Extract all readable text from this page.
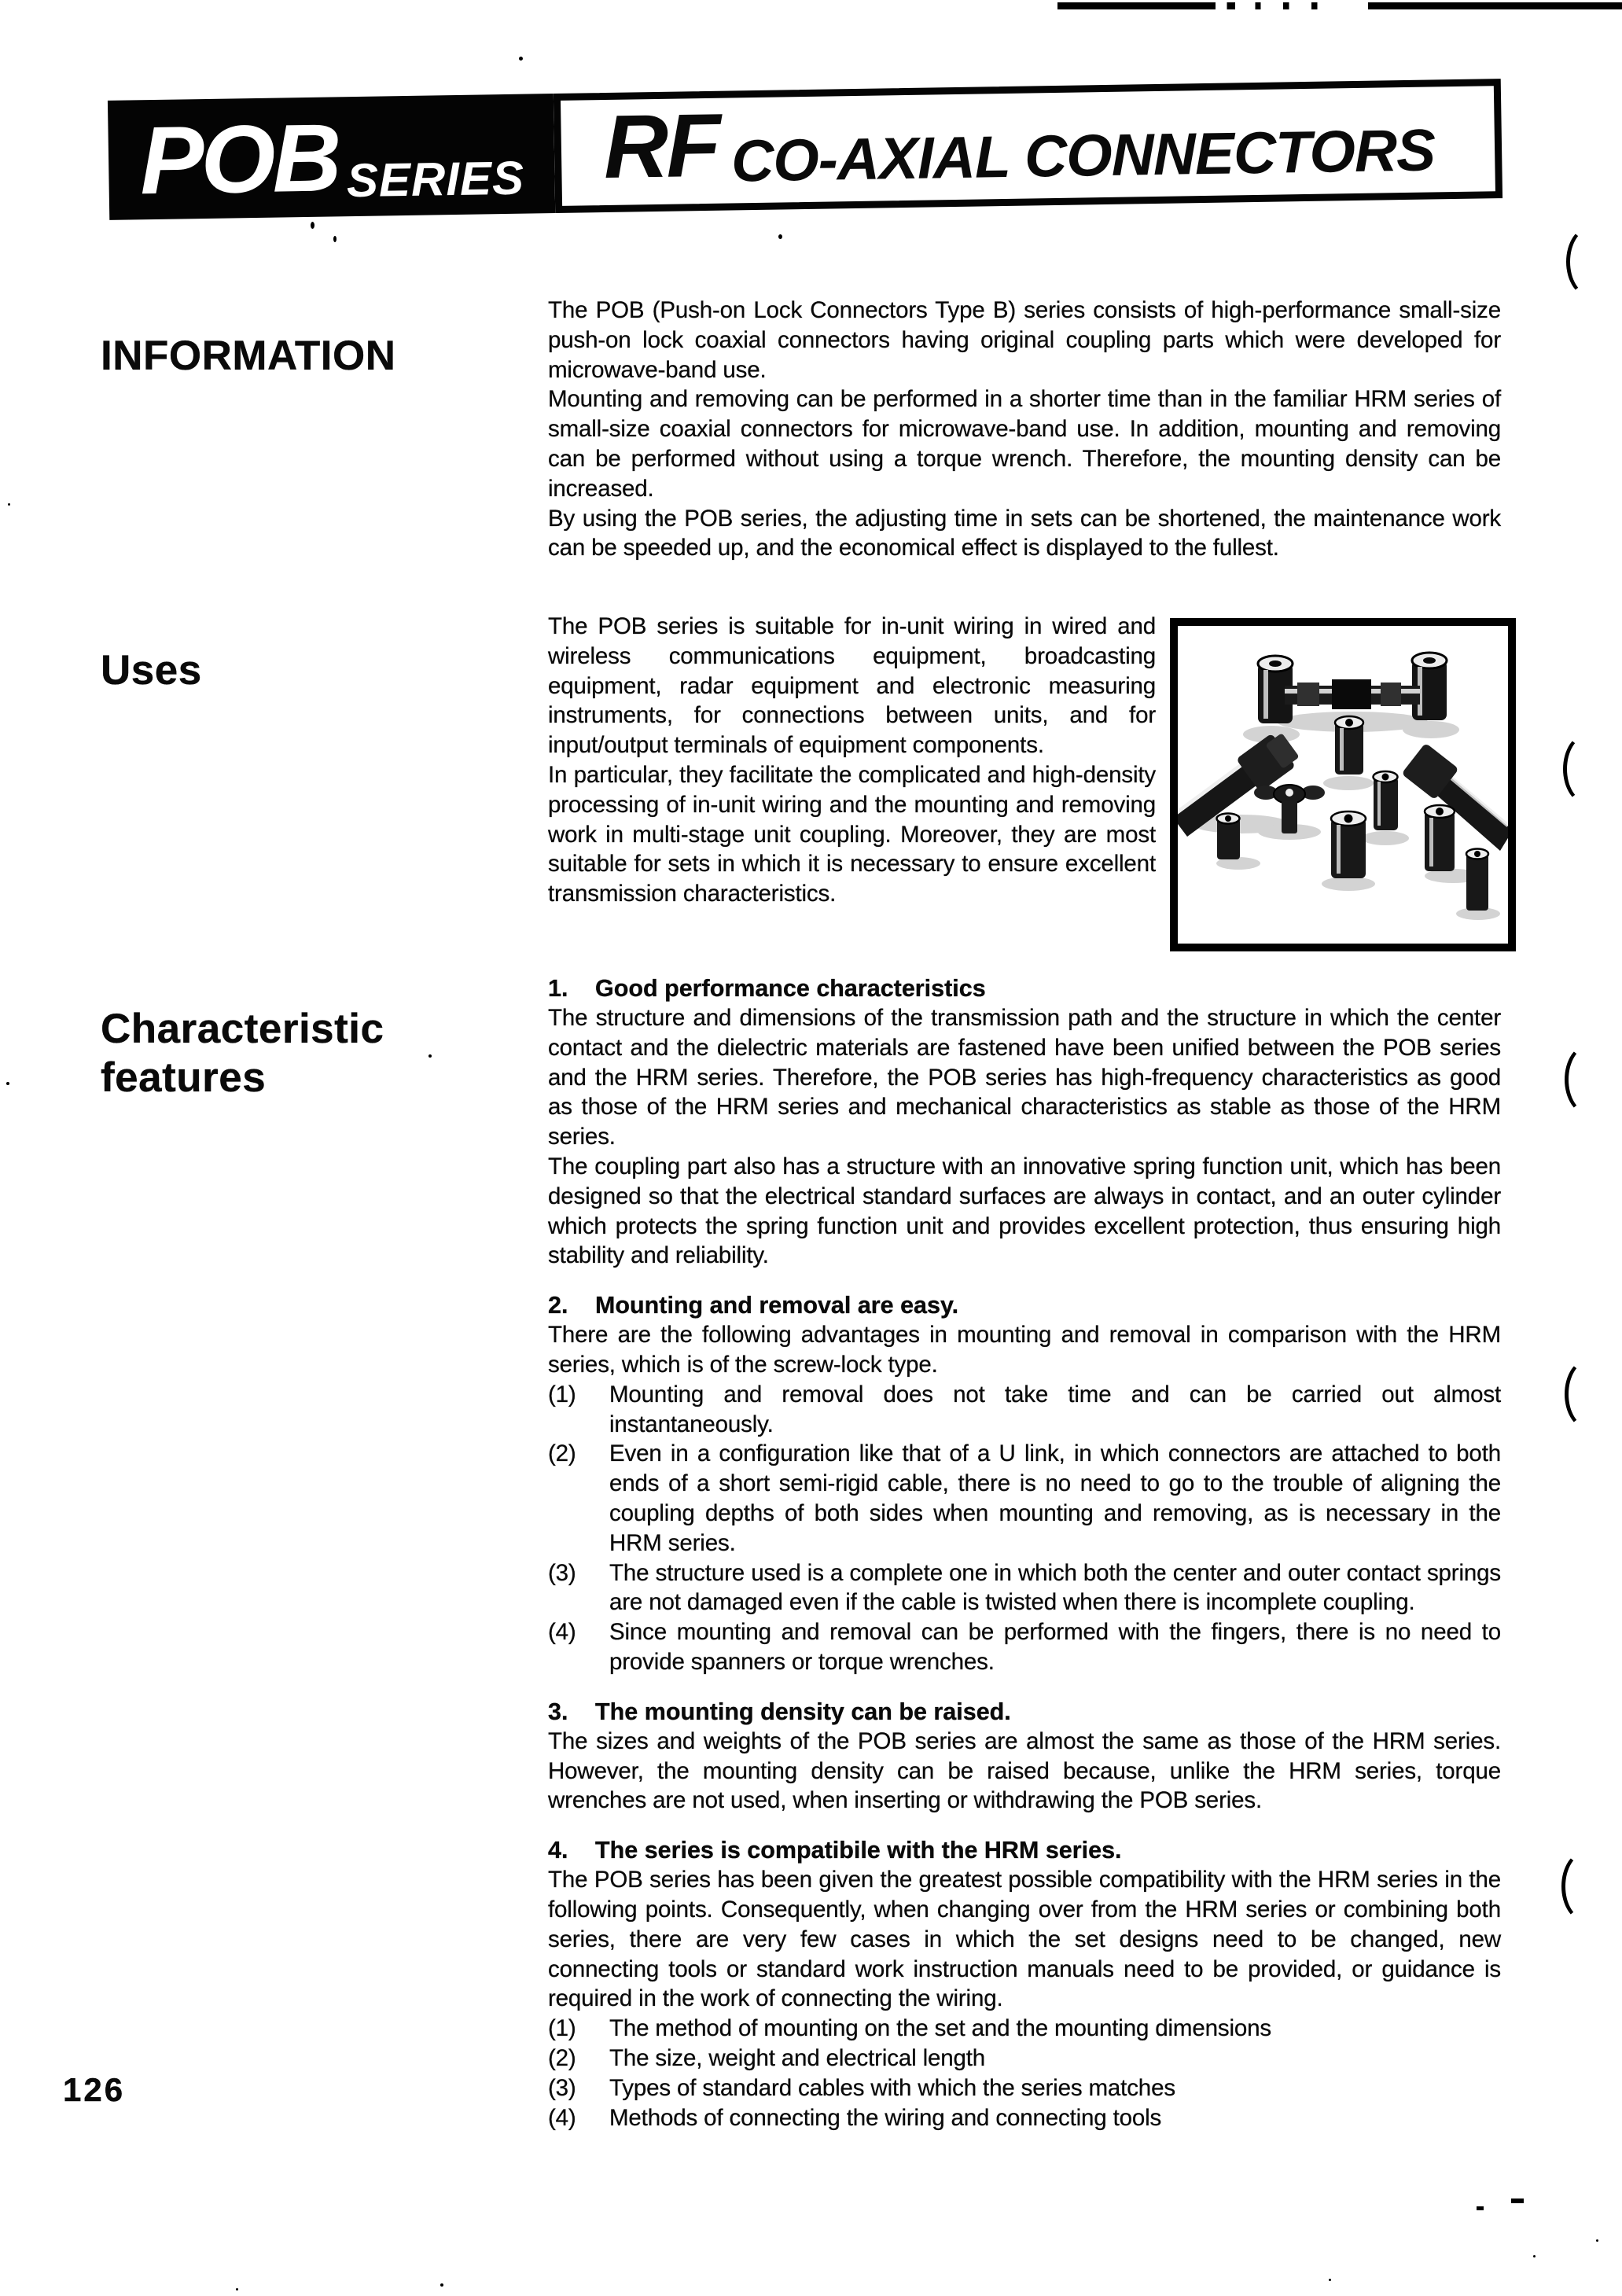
POB SERIES RF CO-AXIAL CONNECTORS
INFORMATION

The POB (Push-on Lock Connectors Type B) series consists of high-performance small-size push-on lock coaxial connectors having original coupling parts which were developed for microwave-band use.

Mounting and removing can be performed in a shorter time than in the familiar HRM series of small-size coaxial connectors for microwave-band use. In addition, mounting and removing can be performed without using a torque wrench. Therefore, the mounting density can be increased.

By using the POB series, the adjusting time in sets can be shortened, the maintenance work can be speeded up, and the economical effect is displayed to the fullest.

Uses

The POB series is suitable for in-unit wiring in wired and wireless communications equipment, broadcasting equipment, radar equipment and electronic measuring instruments, for connections between units, and for input/output terminals of equipment components.

In particular, they facilitate the complicated and high-density processing of in-unit wiring and the mounting and removing work in multi-stage unit coupling. Moreover, they are most suitable for sets in which it is necessary to ensure excellent transmission characteristics.

Characteristic
features

1. Good performance characteristics

The structure and dimensions of the transmission path and the structure in which the center contact and the dielectric materials are fastened have been unified between the POB series and the HRM series. Therefore, the POB series has high-frequency characteristics as good as those of the HRM series and mechanical characteristics as stable as those of the HRM series.

The coupling part also has a structure with an innovative spring function unit, which has been designed so that the electrical standard surfaces are always in contact, and an outer cylinder which protects the spring function unit and provides excellent protection, thus ensuring high stability and reliability.

2. Mounting and removal are easy.

There are the following advantages in mounting and removal in comparison with the HRM series, which is of the screw-lock type.

(1) Mounting and removal does not take time and can be carried out almost instantaneously.
(2) Even in a configuration like that of a U link, in which connectors are attached to both ends of a short semi-rigid cable, there is no need to go to the trouble of aligning the coupling depths of both sides when mounting and removing, as is necessary in the HRM series.
(3) The structure used is a complete one in which both the center and outer contact springs are not damaged even if the cable is twisted when there is incomplete coupling.
(4) Since mounting and removal can be performed with the fingers, there is no need to provide spanners or torque wrenches.

3. The mounting density can be raised.

The sizes and weights of the POB series are almost the same as those of the HRM series. However, the mounting density can be raised because, unlike the HRM series, torque wrenches are not used, when inserting or withdrawing the POB series.

4. The series is compatibile with the HRM series.

The POB series has been given the greatest possible compatibility with the HRM series in the following points. Consequently, when changing over from the HRM series or combining both series, there are very few cases in which the set designs need to be changed, new connecting tools or standard work instruction manuals need to be provided, or guidance is required in the work of connecting the wiring.

(1) The method of mounting on the set and the mounting dimensions
(2) The size, weight and electrical length
(3) Types of standard cables with which the series matches
(4) Methods of connecting the wiring and connecting tools
126
